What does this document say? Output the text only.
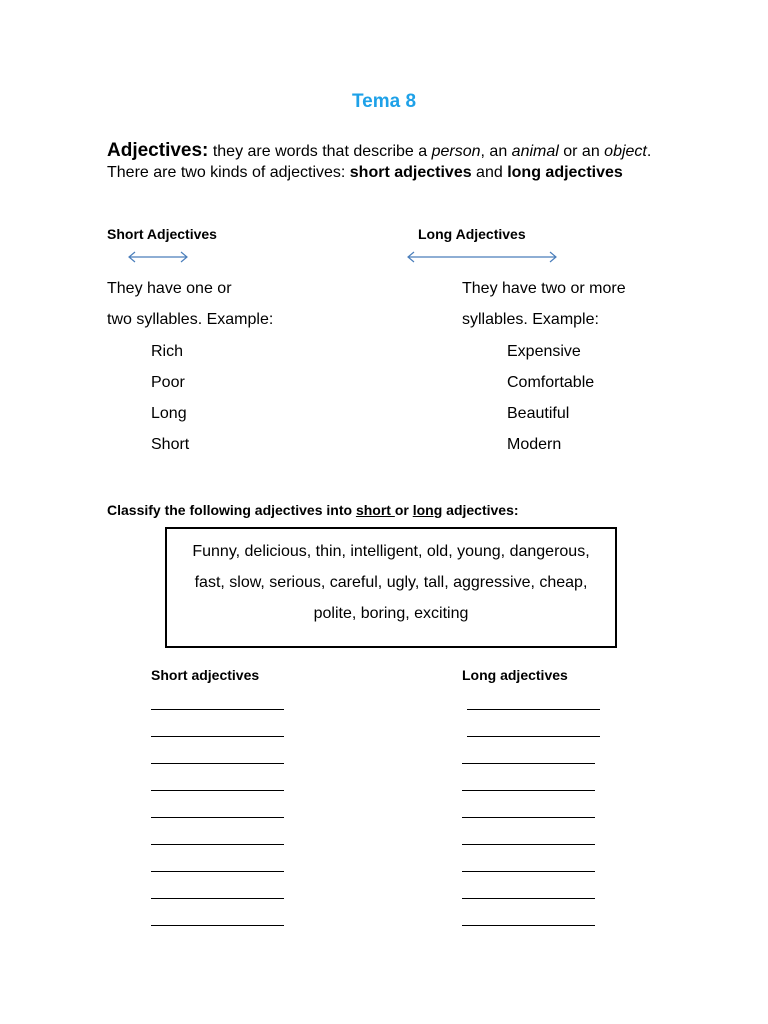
Tema 8

Adjectives: they are words that describe a person, an animal or an object. There are two kinds of adjectives: short adjectives and long adjectives

Short Adjectives
They have one or
two syllables. Example:
Rich
Poor
Long
Short
Long Adjectives
They have two or more
syllables. Example:
Expensive
Comfortable
Beautiful
Modern

Classify the following adjectives into short or long adjectives:

Funny, delicious, thin, intelligent, old, young, dangerous, fast, slow, serious, careful, ugly, tall, aggressive, cheap, polite, boring, exciting

Short adjectives	Long adjectives
